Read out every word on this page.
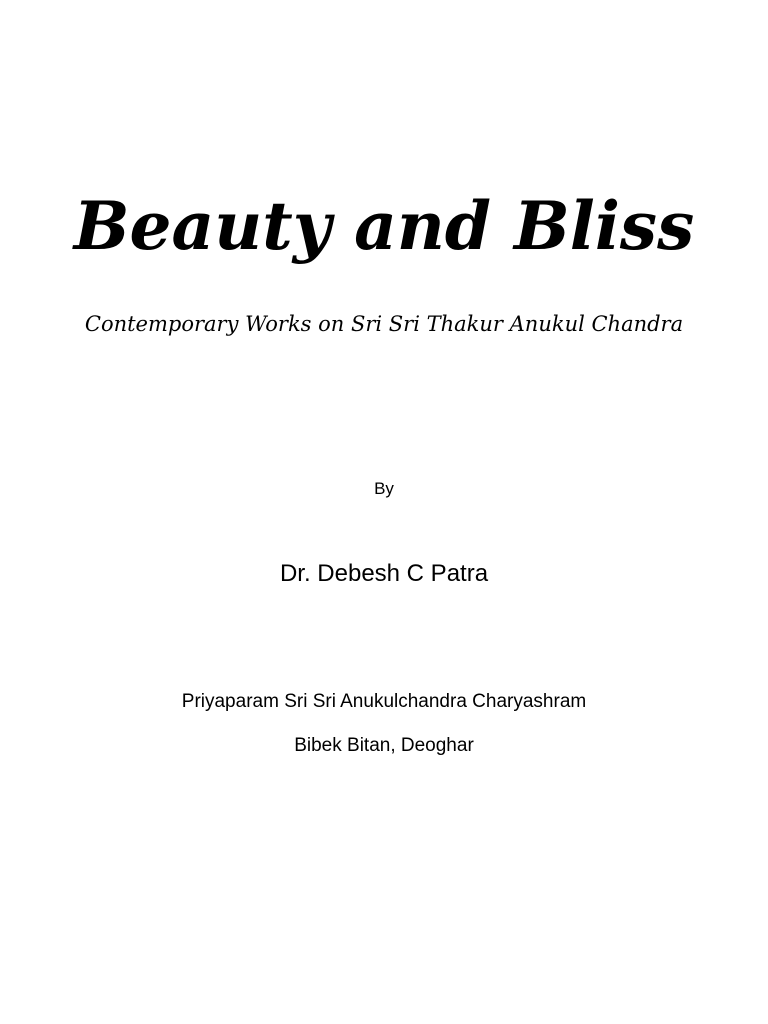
Beauty and Bliss
Contemporary Works on Sri Sri Thakur Anukul Chandra
By
Dr. Debesh C Patra
Priyaparam Sri Sri Anukulchandra Charyashram
Bibek Bitan, Deoghar
